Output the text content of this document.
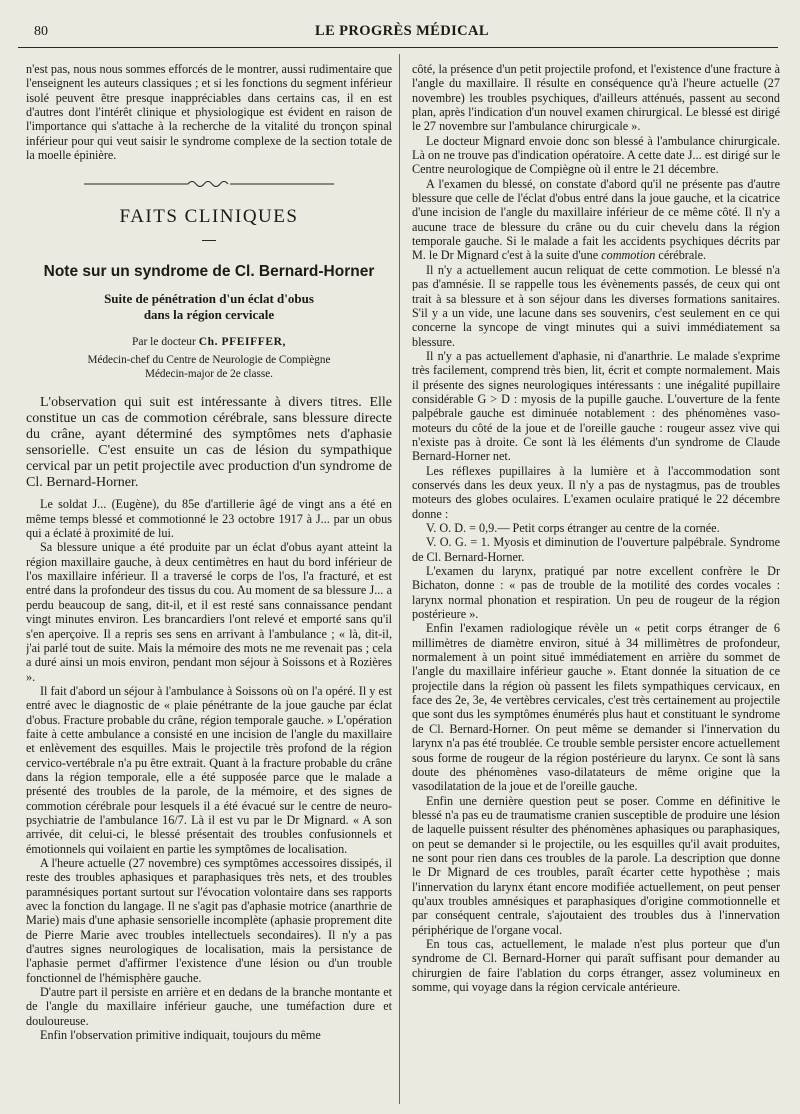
80	LE PROGRÈS MÉDICAL

n'est pas, nous nous sommes efforcés de le montrer, aussi rudimentaire que l'enseignent les auteurs classiques ; et si les fonctions du segment inférieur isolé peuvent être presque inappréciables dans certains cas, il en est d'autres dont l'intérêt clinique et physiologique est évident en raison de l'importance qui s'attache à la recherche de la vitalité du tronçon spinal inférieur pour qui veut saisir le syndrome complexe de la section totale de la moelle épinière.

FAITS CLINIQUES
Note sur un syndrome de Cl. Bernard-Horner
Suite de pénétration d'un éclat d'obus
dans la région cervicale
Par le docteur Ch. PFEIFFER,
Médecin-chef du Centre de Neurologie de Compiègne
Médecin-major de 2e classe.

L'observation qui suit est intéressante à divers titres. Elle constitue un cas de commotion cérébrale, sans blessure directe du crâne, ayant déterminé des symptômes nets d'aphasie sensorielle. C'est ensuite un cas de lésion du sympathique cervical par un petit projectile avec production d'un syndrome de Cl. Bernard-Horner.

Le soldat J... (Eugène), du 85e d'artillerie âgé de vingt ans a été en même temps blessé et commotionné le 23 octobre 1917 à J... par un obus qui a éclaté à proximité de lui.

Sa blessure unique a été produite par un éclat d'obus ayant atteint la région maxillaire gauche, à deux centimètres en haut du bord inférieur de l'os maxillaire inférieur. Il a traversé le corps de l'os, l'a fracturé, et est entré dans la profondeur des tissus du cou. Au moment de sa blessure J... a perdu beaucoup de sang, dit-il, et il est resté sans connaissance pendant vingt minutes environ. Les brancardiers l'ont relevé et emporté sans qu'il s'en aperçoive. Il a repris ses sens en arrivant à l'ambulance ; « là, dit-il, j'ai parlé tout de suite. Mais la mémoire des mots ne me revenait pas ; cela a duré ainsi un mois environ, pendant mon séjour à Soissons et à Rozières ».

Il fait d'abord un séjour à l'ambulance à Soissons où on l'a opéré. Il y est entré avec le diagnostic de « plaie pénétrante de la joue gauche par éclat d'obus. Fracture probable du crâne, région temporale gauche. » L'opération faite à cette ambulance a consisté en une incision de l'angle du maxillaire et enlèvement des esquilles. Mais le projectile très profond de la région cervico-vertébrale n'a pu être extrait. Quant à la fracture probable du crâne dans la région temporale, elle a été supposée parce que le malade a présenté des troubles de la parole, de la mémoire, et des signes de commotion cérébrale pour lesquels il a été évacué sur le centre de neuro-psychiatrie de l'ambulance 16/7. Là il est vu par le Dr Mignard. « A son arrivée, dit celui-ci, le blessé présentait des troubles confusionnels et émotionnels qui voilaient en partie les symptômes de localisation.

A l'heure actuelle (27 novembre) ces symptômes accessoires dissipés, il reste des troubles aphasiques et paraphasiques très nets, et des troubles paramnésiques portant surtout sur l'évocation volontaire dans ses rapports avec la fonction du langage. Il ne s'agit pas d'aphasie motrice (anarthrie de Marie) mais d'une aphasie sensorielle incomplète (aphasie proprement dite de Pierre Marie avec troubles intellectuels secondaires). Il n'y a pas d'autres signes neurologiques de localisation, mais la persistance de l'aphasie permet d'affirmer l'existence d'une lésion ou d'un trouble fonctionnel de l'hémisphère gauche.

D'autre part il persiste en arrière et en dedans de la branche montante et de l'angle du maxillaire inférieur gauche, une tuméfaction dure et douloureuse.

Enfin l'observation primitive indiquait, toujours du même

côté, la présence d'un petit projectile profond, et l'existence d'une fracture à l'angle du maxillaire. Il résulte en conséquence qu'à l'heure actuelle (27 novembre) les troubles psychiques, d'ailleurs atténués, passent au second plan, après l'indication d'un nouvel examen chirurgical. Le blessé est dirigé le 27 novembre sur l'ambulance chirurgicale ».

Le docteur Mignard envoie donc son blessé à l'ambulance chirurgicale. Là on ne trouve pas d'indication opératoire. A cette date J... est dirigé sur le Centre neurologique de Compiègne où il entre le 21 décembre.

A l'examen du blessé, on constate d'abord qu'il ne présente pas d'autre blessure que celle de l'éclat d'obus entré dans la joue gauche, et la cicatrice d'une incision de l'angle du maxillaire inférieur de ce même côté. Il n'y a aucune trace de blessure du crâne ou du cuir chevelu dans la région temporale gauche. Si le malade a fait les accidents psychiques décrits par M. le Dr Mignard c'est à la suite d'une commotion cérébrale.

Il n'y a actuellement aucun reliquat de cette commotion. Le blessé n'a pas d'amnésie. Il se rappelle tous les évènements passés, de ceux qui ont trait à sa blessure et à son séjour dans les diverses formations sanitaires. S'il y a un vide, une lacune dans ses souvenirs, c'est seulement en ce qui concerne la syncope de vingt minutes qui a suivi immédiatement sa blessure.

Il n'y a pas actuellement d'aphasie, ni d'anarthrie. Le malade s'exprime très facilement, comprend très bien, lit, écrit et compte normalement. Mais il présente des signes neurologiques intéressants : une inégalité pupillaire considérable G > D : myosis de la pupille gauche. L'ouverture de la fente palpébrale gauche est diminuée notablement : des phénomènes vaso-moteurs du côté de la joue et de l'oreille gauche : rougeur assez vive qui n'existe pas à droite. Ce sont là les éléments d'un syndrome de Claude Bernard-Horner net.

Les réflexes pupillaires à la lumière et à l'accommodation sont conservés dans les deux yeux. Il n'y a pas de nystagmus, pas de troubles moteurs des globes oculaires. L'examen oculaire pratiqué le 22 décembre donne :

V. O. D. = 0,9.— Petit corps étranger au centre de la cornée.

V. O. G. = 1. Myosis et diminution de l'ouverture palpébrale. Syndrome de Cl. Bernard-Horner.

L'examen du larynx, pratiqué par notre excellent confrère le Dr Bichaton, donne : « pas de trouble de la motilité des cordes vocales : larynx normal phonation et respiration. Un peu de rougeur de la région postérieure ».

Enfin l'examen radiologique révèle un « petit corps étranger de 6 millimètres de diamètre environ, situé à 34 millimètres de profondeur, normalement à un point situé immédiatement en arrière du sommet de l'angle du maxillaire inférieur gauche ». Etant donnée la situation de ce projectile dans la région où passent les filets sympathiques cervicaux, en face des 2e, 3e, 4e vertèbres cervicales, c'est très certainement au projectile que sont dus les symptômes énumérés plus haut et constituant le syndrome de Cl. Bernard-Horner. On peut même se demander si l'innervation du larynx n'a pas été troublée. Ce trouble semble persister encore actuellement sous forme de rougeur de la région postérieure du larynx. Ce sont là sans doute des phénomènes vaso-dilatateurs de même origine que la vasodilatation de la joue et de l'oreille gauche.

Enfin une dernière question peut se poser. Comme en définitive le blessé n'a pas eu de traumatisme cranien susceptible de produire une lésion de laquelle puissent résulter des phénomènes aphasiques ou paraphasiques, on peut se demander si le projectile, ou les esquilles qu'il avait produites, ne sont pour rien dans ces troubles de la parole. La description que donne le Dr Mignard de ces troubles, paraît écarter cette hypothèse ; mais l'innervation du larynx étant encore modifiée actuellement, on peut penser qu'aux troubles amnésiques et paraphasiques d'origine commotionnelle et par conséquent centrale, s'ajoutaient des troubles dus à l'innervation périphérique de l'organe vocal.

En tous cas, actuellement, le malade n'est plus porteur que d'un syndrome de Cl. Bernard-Horner qui paraît suffisant pour demander au chirurgien de faire l'ablation du corps étranger, assez volumineux en somme, qui voyage dans la région cervicale antérieure.
